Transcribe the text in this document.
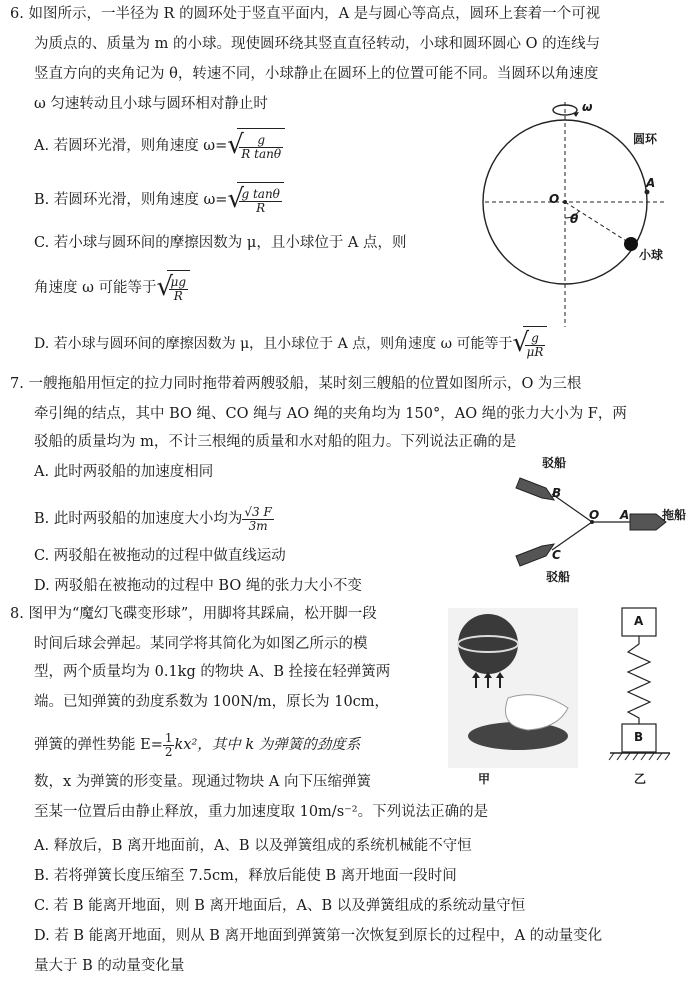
6. 如图所示，一半径为 R 的圆环处于竖直平面内，A 是与圆心等高点，圆环上套着一个可视
为质点的、质量为 m 的小球。现使圆环绕其竖直直径转动，小球和圆环圆心 O 的连线与
竖直方向的夹角记为 θ，转速不同，小球静止在圆环上的位置可能不同。当圆环以角速度
ω 匀速转动且小球与圆环相对静止时
A. 若圆环光滑，则角速度 ω= √
$\frac{g}{\text{R tanθ}}$
B. 若圆环光滑，则角速度 ω= √
$\frac{\text{g tanθ}}{R}$
C. 若小球与圆环间的摩擦因数为 μ，且小球位于 A 点，则
角速度 ω 可能等于 √
$\frac{\mu g}{R}$
D. 若小球与圆环间的摩擦因数为 μ，且小球位于 A 点，则角速度 ω 可能等于 √
$\frac{g}{\mu R}$
ω
圆环
A
O
θ
小球
7. 一艘拖船用恒定的拉力同时拖带着两艘驳船，某时刻三艘船的位置如图所示，O 为三根
牵引绳的结点，其中 BO 绳、CO 绳与 AO 绳的夹角均为 150°，AO 绳的张力大小为 F，两
驳船的质量均为 m，不计三根绳的质量和水对船的阻力。下列说法正确的是
A. 此时两驳船的加速度相同
B. 此时两驳船的加速度大小均为 $\frac{√3 F}{3m}$
C. 两驳船在被拖动的过程中做直线运动
D. 两驳船在被拖动的过程中 BO 绳的张力大小不变
驳船
B
O A	拖船
C
驳船
8. 图甲为“魔幻飞碟变形球”，用脚将其踩扁，松开脚一段
时间后球会弹起。某同学将其简化为如图乙所示的模
型，两个质量均为 0.1kg 的物块 A、B 拴接在轻弹簧两
端。已知弹簧的劲度系数为 100N/m，原长为 10cm，
弹簧的弹性势能 $E= \frac{1}{2} kx^2$，其中 k 为弹簧的劲度系
数，x 为弹簧的形变量。现通过物块 A 向下压缩弹簧
至某一位置后由静止释放，重力加速度取 10m/s⁻²。下列说法正确的是
A. 释放后，B 离开地面前，A、B 以及弹簧组成的系统机械能不守恒
B. 若将弹簧长度压缩至 7.5cm，释放后能使 B 离开地面一段时间
C. 若 B 能离开地面，则 B 离开地面后，A、B 以及弹簧组成的系统动量守恒
D. 若 B 能离开地面，则从 B 离开地面到弹簧第一次恢复到原长的过程中，A 的动量变化
量大于 B 的动量变化量
甲
A
B
乙
